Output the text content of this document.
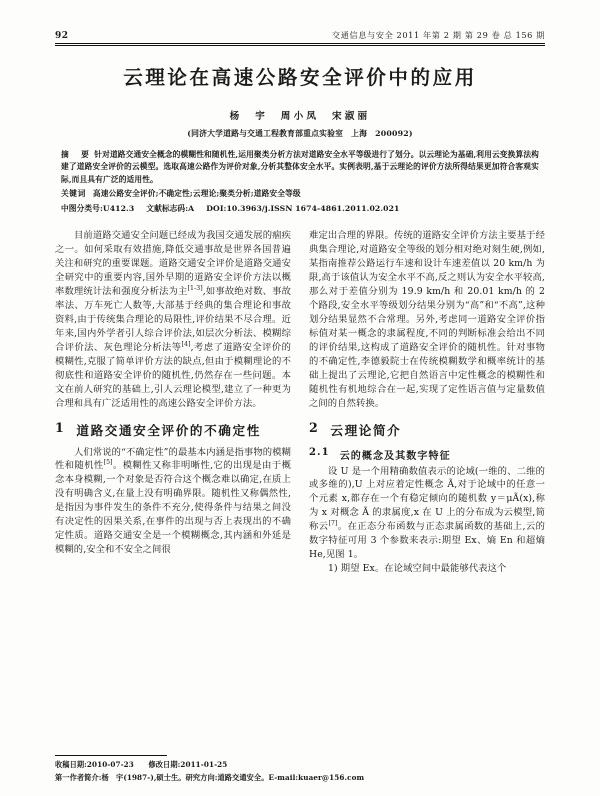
92	交通信息与安全 2011 年第 2 期 第 29 卷 总 156 期
云理论在高速公路安全评价中的应用
杨　宇　周小凤　宋淑丽
(同济大学道路与交通工程教育部重点实验室　上海　200092)
摘　要 针对道路交通安全概念的模糊性和随机性,运用聚类分析方法对道路安全水平等级进行了划分。以云理论为基础,利用云变换算法构建了道路安全评价的云模型。选取高速公路作为评价对象,分析其整体安全水平。实例表明,基于云理论的评价方法所得结果更加符合客观实际,而且具有广泛的适用性。
关键词 高速公路安全评价;不确定性;云理论;聚类分析;道路安全等级
中图分类号:U412.3 文献标志码:A DOI:10.3963/j.ISSN 1674-4861.2011.02.021

目前道路交通安全问题已经成为我国交通发展的痼疾之一。如何采取有效措施,降低交通事故是世界各国普遍关注和研究的重要课题。道路交通安全评价是道路交通安全研究中的重要内容,国外早期的道路安全评价方法以概率数理统计法和强度分析法为主[1-3],如事故绝对数、事故率法、万车死亡人数等,大部基于经典的集合理论和事故资料,由于传统集合理论的局限性,评价结果不尽合理。近年来,国内外学者引人综合评价法,如层次分析法、模糊综合评价法、灰色理论分析法等[4],考虑了道路安全评价的模糊性,克服了简单评价方法的缺点,但由于模糊理论的不彻底性和道路安全评价的随机性,仍然存在一些问题。本文在前人研究的基础上,引人云理论模型,建立了一种更为合理和具有广泛适用性的高速公路安全评价方法。

1 道路交通安全评价的不确定性

人们常说的“不确定性”的最基本内涵是指事物的模糊性和随机性[5]。模糊性又称非明晰性,它的出现是由于概念本身模糊,一个对象是否符合这个概念难以确定,在质上没有明确含义,在量上没有明确界限。随机性又称偶然性,是指因为事件发生的条件不充分,使得条件与结果之间没有决定性的因果关系,在事件的出现与否上表现出的不确定性质。道路交通安全是一个模糊概念,其内涵和外延是模糊的,安全和不安全之间很

难定出合理的界限。传统的道路安全评价方法主要基于经典集合理论,对道路安全等级的划分相对绝对刻生硬,例如,某指南推荐公路运行车速和设计车速差值以 20 km/h 为限,高于该值认为安全水平不高,反之则认为安全水平较高,那么对于差值分别为 19.9 km/h 和 20.01 km/h 的 2 个路段,安全水平等级划分结果分别为“高”和“不高”,这种划分结果显然不合常理。另外,考虑同一道路安全评价指标值对某一概念的隶属程度,不同的判断标准会给出不同的评价结果,这构成了道路安全评价的随机性。针对事物的不确定性,李德毅院士在传统模糊数学和概率统计的基础上提出了云理论,它把自然语言中定性概念的模糊性和随机性有机地综合在一起,实现了定性语言值与定量数值之间的自然转换。

2 云理论简介
2.1 云的概念及其数字特征

设 U 是一个用精确数值表示的论域(一维的、二维的或多维的),U 上对应着定性概念 Ã,对于论域中的任意一个元素 x,都存在一个有稳定倾向的随机数 y＝μÃ(x),称为 x 对概念 Ã 的隶属度,x 在 U 上的分布成为云模型,简称云[7]。在正态分布函数与正态隶属函数的基础上,云的数字特征可用 3 个参数来表示:期望 Ex、熵 En 和超熵 He,见图 1。

1) 期望 Ex。在论域空间中最能够代表这个

收稿日期:2010-07-23　　 修改日期:2011-01-25

第一作者简介:杨　宇(1987-),硕士生。研究方向:道路交通安全。E-mail:kuaer@156.com
